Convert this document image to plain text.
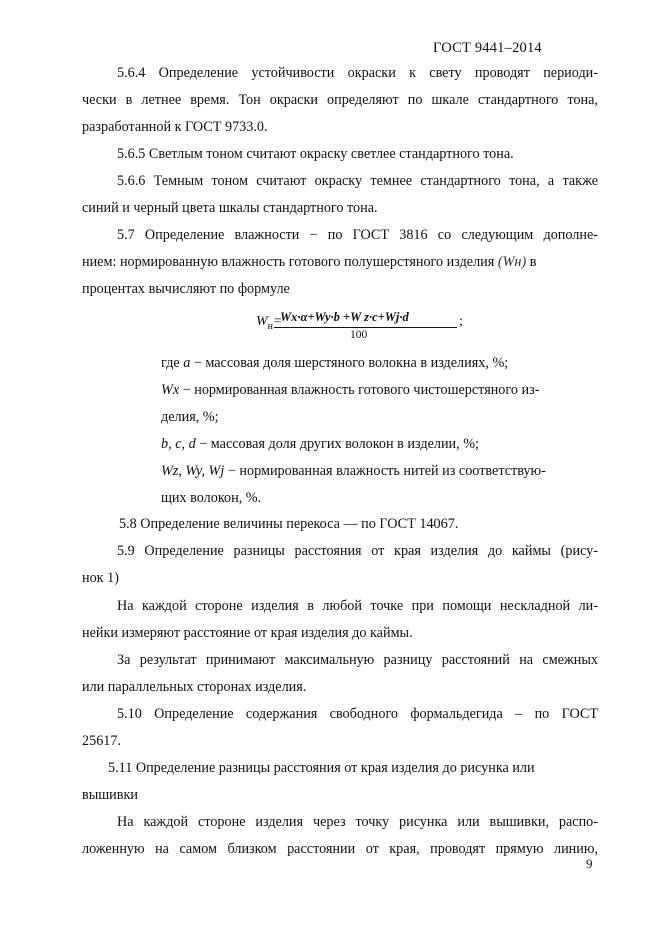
ГОСТ 9441–2014
5.6.4 Определение устойчивости окраски к свету проводят периоди-
чески в летнее время. Тон окраски определяют по шкале стандартного тона,
разработанной к ГОСТ 9733.0.
5.6.5 Светлым тоном считают окраску светлее стандартного тона.
5.6.6 Темным тоном считают окраску темнее стандартного тона, а также
синий и черный цвета шкалы стандартного тона.
5.7 Определение влажности − по ГОСТ 3816 со следующим дополне-
нием: нормированную влажность готового полушерстяного изделия (Wн) в
процентах вычисляют по формуле
$W_н=$
Wx·α+Wy·b +W z·c+Wj·d
100
;
где a − массовая доля шерстяного волокна в изделиях, %;
Wх − нормированная влажность готового чистошерстяного из-
делия, %;
b, c, d − массовая доля других волокон в изделии, %;
Wz, Wy, Wj − нормированная влажность нитей из соответствую-
щих волокон, %.
5.8 Определение величины перекоса — по ГОСТ 14067.
5.9 Определение разницы расстояния от края изделия до каймы (рису-
нок 1)
На каждой стороне изделия в любой точке при помощи нескладной ли-
нейки измеряют расстояние от края изделия до каймы.
За результат принимают максимальную разницу расстояний на смежных
или параллельных сторонах изделия.
5.10 Определение содержания свободного формальдегида – по ГОСТ
25617.
5.11 Определение разницы расстояния от края изделия до рисунка или
вышивки
На каждой стороне изделия через точку рисунка или вышивки, распо-
ложенную на самом близком расстоянии от края, проводят прямую линию,
9
